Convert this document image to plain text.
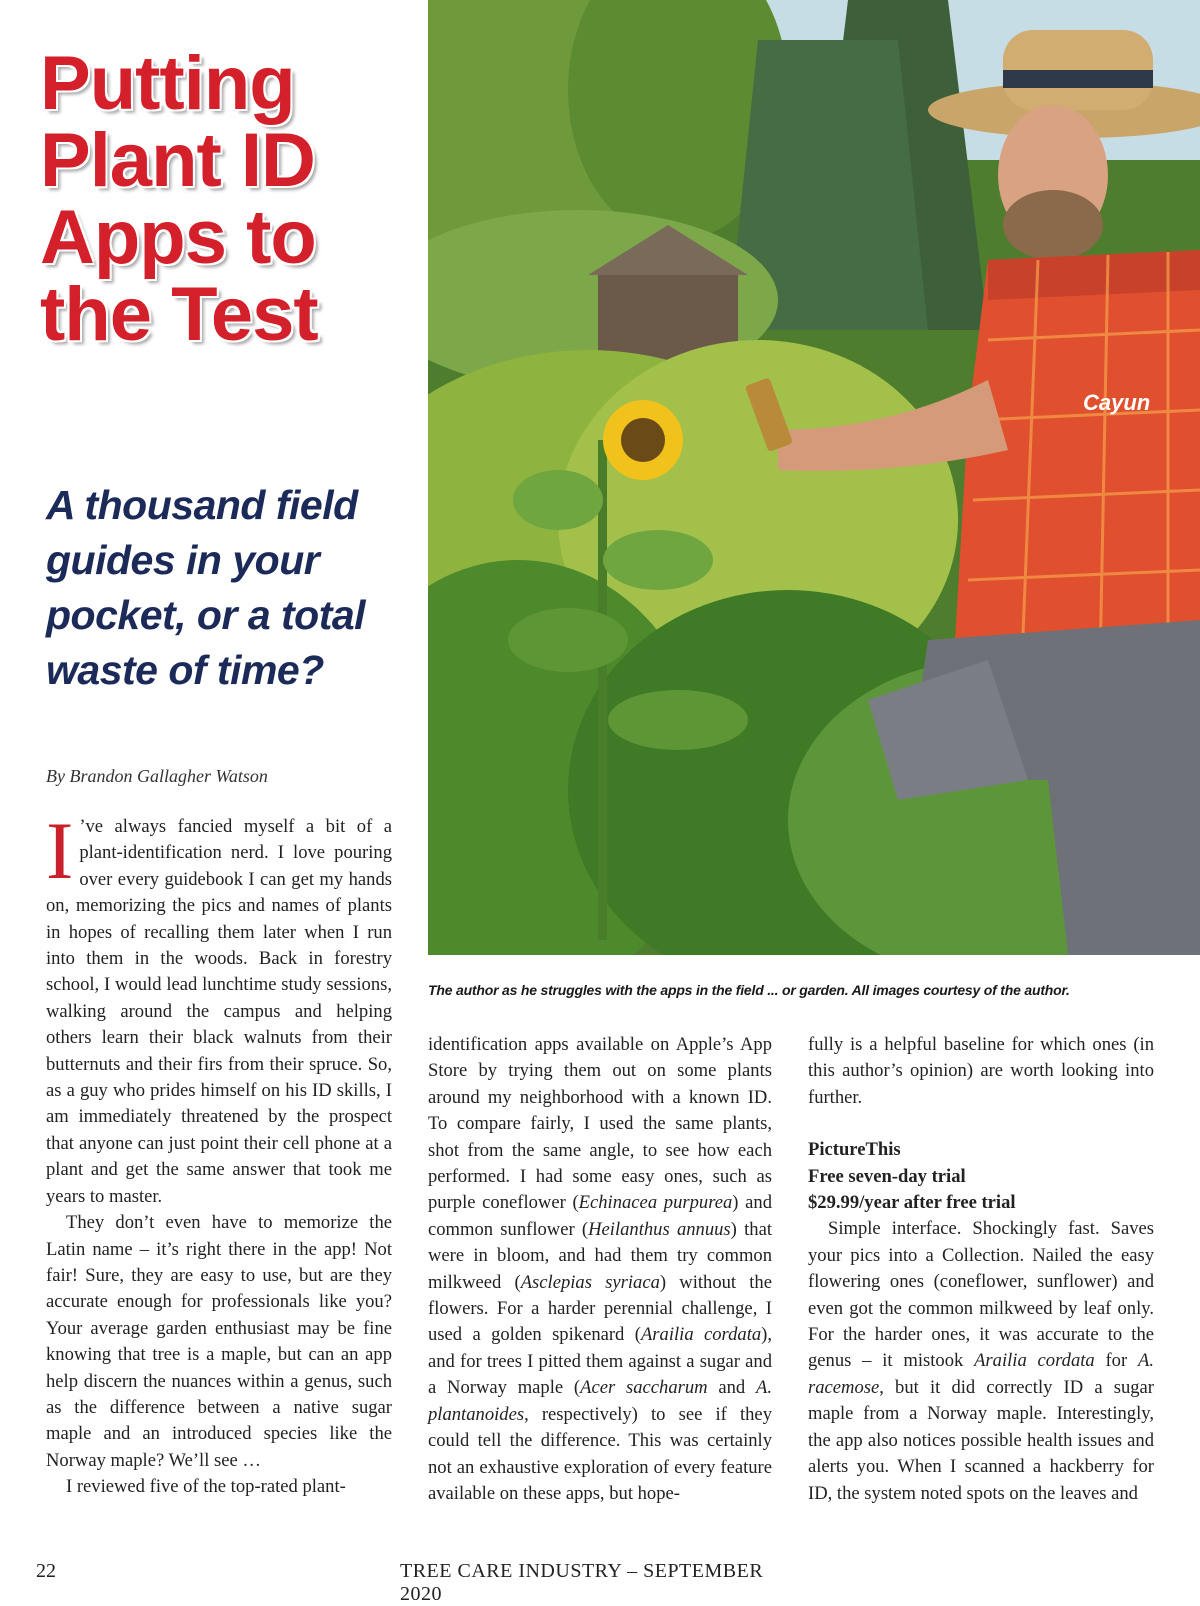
Putting
Plant ID
Apps to
the Test
A thousand field
guides in your
pocket, or a total
waste of time?
By Brandon Gallagher Watson
Cayun
The author as he struggles with the apps in the field ... or garden. All images courtesy of the author.

I ’ve always fancied myself a bit of a plant-identification nerd. I love pouring over every guidebook I can get my hands on, memorizing the pics and names of plants in hopes of recalling them later when I run into them in the woods. Back in forestry school, I would lead lunchtime study sessions, walking around the campus and helping others learn their black walnuts from their butternuts and their firs from their spruce. So, as a guy who prides himself on his ID skills, I am immediately threatened by the prospect that anyone can just point their cell phone at a plant and get the same answer that took me years to master.

They don’t even have to memorize the Latin name – it’s right there in the app! Not fair! Sure, they are easy to use, but are they accurate enough for professionals like you? Your average garden enthusiast may be fine knowing that tree is a maple, but can an app help discern the nuances within a genus, such as the difference between a native sugar maple and an introduced species like the Norway maple? We’ll see …

I reviewed five of the top-rated plant-

identification apps available on Apple’s App Store by trying them out on some plants around my neighborhood with a known ID. To compare fairly, I used the same plants, shot from the same angle, to see how each performed. I had some easy ones, such as purple coneflower (Echinacea purpurea) and common sunflower (Heilanthus annuus) that were in bloom, and had them try common milkweed (Asclepias syriaca) without the flowers. For a harder perennial challenge, I used a golden spikenard (Arailia cordata), and for trees I pitted them against a sugar and a Norway maple (Acer saccharum and A. plantanoides, respectively) to see if they could tell the difference. This was certainly not an exhaustive exploration of every feature available on these apps, but hope-

fully is a helpful baseline for which ones (in this author’s opinion) are worth looking into further.

PictureThis

Free seven-day trial

$29.99/year after free trial

Simple interface. Shockingly fast. Saves your pics into a Collection. Nailed the easy flowering ones (coneflower, sunflower) and even got the common milkweed by leaf only. For the harder ones, it was accurate to the genus – it mistook Arailia cordata for A. racemose, but it did correctly ID a sugar maple from a Norway maple. Interestingly, the app also notices possible health issues and alerts you. When I scanned a hackberry for ID, the system noted spots on the leaves and

22	TREE CARE INDUSTRY – SEPTEMBER 2020
